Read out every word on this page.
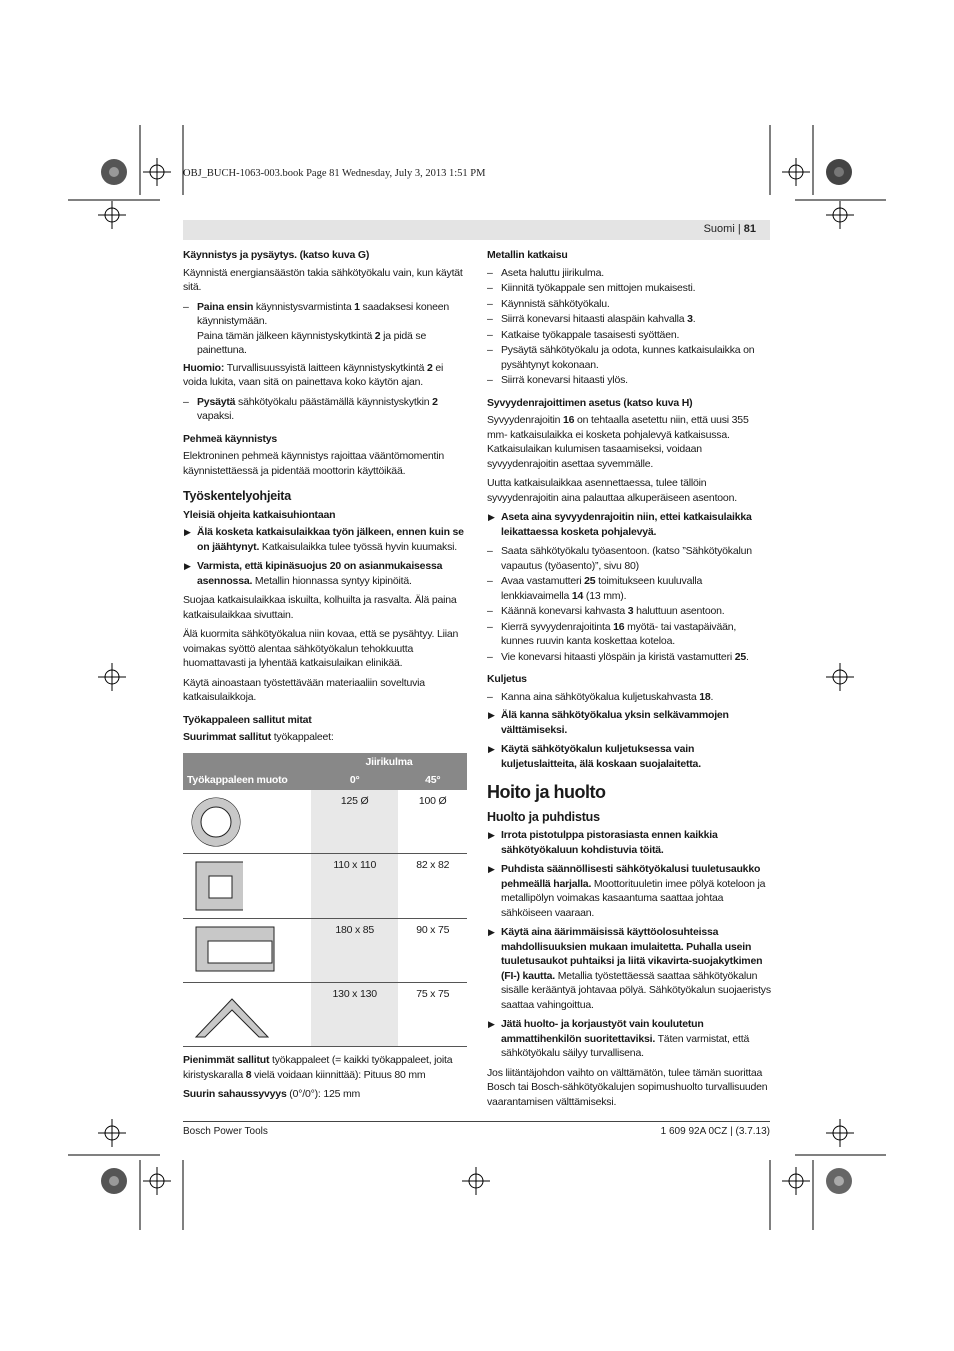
OBJ_BUCH-1063-003.book Page 81 Wednesday, July 3, 2013 1:51 PM
Suomi | 81
Käynnistys ja pysäytys. (katso kuva G)

Käynnistä energiansäästön takia sähkötyökalu vain, kun käytät sitä.

– Paina ensin käynnistysvarmistinta 1 saadaksesi koneen käynnistymään.
Paina tämän jälkeen käynnistyskytkintä 2 ja pidä se painettuna.

Huomio: Turvallisuussyistä laitteen käynnistyskytkintä 2 ei voida lukita, vaan sitä on painettava koko käytön ajan.

– Pysäytä sähkötyökalu päästämällä käynnistyskytkin 2 vapaksi.
Pehmeä käynnistys

Elektroninen pehmeä käynnistys rajoittaa vääntömomentin käynnistettäessä ja pidentää moottorin käyttöikää.

Työskentelyohjeita
Yleisiä ohjeita katkaisuhiontaan
▶ Älä kosketa katkaisulaikkaa työn jälkeen, ennen kuin se on jäähtynyt. Katkaisulaikka tulee työssä hyvin kuumaksi.
▶ Varmista, että kipinäsuojus 20 on asianmukaisessa asennossa. Metallin hionnassa syntyy kipinöitä.

Suojaa katkaisulaikkaa iskuilta, kolhuilta ja rasvalta. Älä paina katkaisulaikkaa sivuttain.

Älä kuormita sähkötyökalua niin kovaa, että se pysähtyy. Liian voimakas syöttö alentaa sähkötyökalun tehokkuutta huomattavasti ja lyhentää katkaisulaikan elinikää.

Käytä ainoastaan työstettävään materiaaliin soveltuvia katkaisulaikkoja.

Työkappaleen sallitut mitat

Suurimmat sallitut työkappaleet:

	Jiirikulma	
Työkappaleen muoto	0°	45°
	125 Ø	100 Ø
	110 x 110	82 x 82
	180 x 85	90 x 75
	130 x 130	75 x 75

Pienimmät sallitut työkappaleet (= kaikki työkappaleet, joita kiristyskaralla 8 vielä voidaan kiinnittää): Pituus 80 mm

Suurin sahaussyvyys (0°/0°): 125 mm

Metallin katkaisu
– Aseta haluttu jiirikulma.
– Kiinnitä työkappale sen mittojen mukaisesti.
– Käynnistä sähkötyökalu.
– Siirrä konevarsi hitaasti alaspäin kahvalla 3.
– Katkaise työkappale tasaisesti syöttäen.
– Pysäytä sähkötyökalu ja odota, kunnes katkaisulaikka on pysähtynyt kokonaan.
– Siirrä konevarsi hitaasti ylös.
Syvyydenrajoittimen asetus (katso kuva H)

Syvyydenrajoitin 16 on tehtaalla asetettu niin, että uusi 355 mm- katkaisulaikka ei kosketa pohjalevyä katkaisussa. Katkaisulaikan kulumisen tasaamiseksi, voidaan syvyydenrajoitin asettaa syvemmälle.

Uutta katkaisulaikkaa asennettaessa, tulee tällöin syvyydenrajoitin aina palauttaa alkuperäiseen asentoon.

▶ Aseta aina syvyydenrajoitin niin, ettei katkaisulaikka leikattaessa kosketa pohjalevyä.
– Saata sähkötyökalu työasentoon. (katso ”Sähkötyökalun vapautus (työasento)”, sivu 80)
– Avaa vastamutteri 25 toimitukseen kuuluvalla lenkkiavaimella 14 (13 mm).
– Käännä konevarsi kahvasta 3 haluttuun asentoon.
– Kierrä syvyydenrajoitinta 16 myötä- tai vastapäivään, kunnes ruuvin kanta koskettaa koteloa.
– Vie konevarsi hitaasti ylöspäin ja kiristä vastamutteri 25.
Kuljetus
– Kanna aina sähkötyökalua kuljetuskahvasta 18.
▶ Älä kanna sähkötyökalua yksin selkävammojen välttämiseksi.
▶ Käytä sähkötyökalun kuljetuksessa vain kuljetuslaitteita, älä koskaan suojalaitetta.
Hoito ja huolto
Huolto ja puhdistus
▶ Irrota pistotulppa pistorasiasta ennen kaikkia sähkötyökaluun kohdistuvia töitä.
▶ Puhdista säännöllisesti sähkötyökalusi tuuletusaukko pehmeällä harjalla. Moottorituuletin imee pölyä koteloon ja metallipölyn voimakas kasaantuma saattaa johtaa sähköiseen vaaraan.
▶ Käytä aina äärimmäisissä käyttöolosuhteissa mahdollisuuksien mukaan imulaitetta. Puhalla usein tuuletusaukot puhtaiksi ja liitä vikavirta-suojakytkimen (FI-) kautta. Metallia työstettäessä saattaa sähkötyökalun sisälle kerääntyä johtavaa pölyä. Sähkötyökalun suojaeristys saattaa vahingoittua.
▶ Jätä huolto- ja korjaustyöt vain koulutetun ammattihenkilön suoritettaviksi. Täten varmistat, että sähkötyökalu säilyy turvallisena.

Jos liitäntäjohdon vaihto on välttämätön, tulee tämän suorittaa Bosch tai Bosch-sähkötyökalujen sopimushuolto turvallisuuden vaarantamisen välttämiseksi.

Bosch Power Tools	1 609 92A 0CZ | (3.7.13)
